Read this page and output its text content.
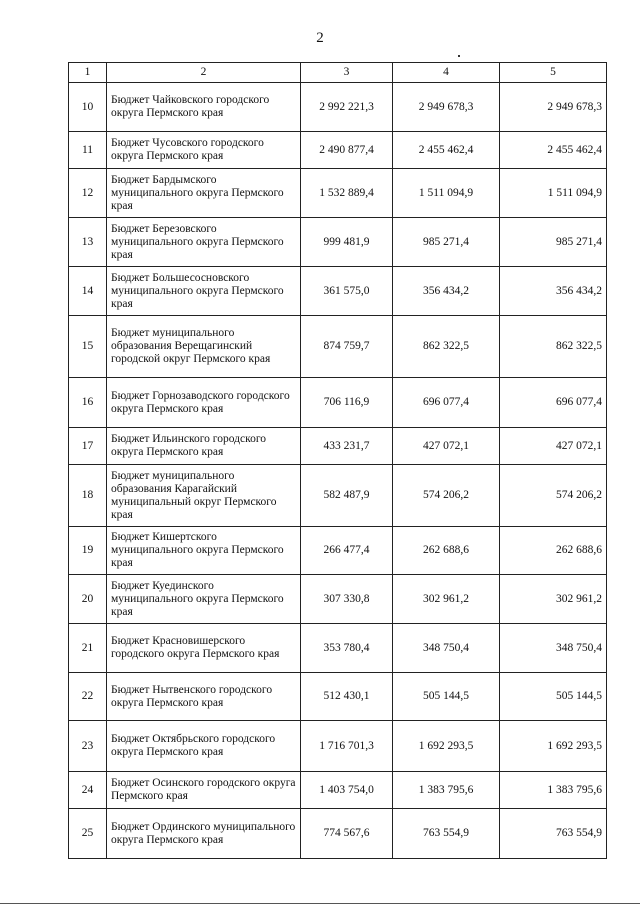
2
1	2	3	4	5
10	Бюджет Чайковского городского округа Пермского края	2 992 221,3	2 949 678,3	2 949 678,3
11	Бюджет Чусовского городского округа Пермского края	2 490 877,4	2 455 462,4	2 455 462,4
12	Бюджет Бардымского муниципального округа Пермского края	1 532 889,4	1 511 094,9	1 511 094,9
13	Бюджет Березовского муниципального округа Пермского края	999 481,9	985 271,4	985 271,4
14	Бюджет Большесосновского муниципального округа Пермского края	361 575,0	356 434,2	356 434,2
15	Бюджет муниципального образования Верещагинский городской округ Пермского края	874 759,7	862 322,5	862 322,5
16	Бюджет Горнозаводского городского округа Пермского края	706 116,9	696 077,4	696 077,4
17	Бюджет Ильинского городского округа Пермского края	433 231,7	427 072,1	427 072,1
18	Бюджет муниципального образования Карагайский муниципальный округ Пермского края	582 487,9	574 206,2	574 206,2
19	Бюджет Кишертского муниципального округа Пермского края	266 477,4	262 688,6	262 688,6
20	Бюджет Куединского муниципального округа Пермского края	307 330,8	302 961,2	302 961,2
21	Бюджет Красновишерского городского округа Пермского края	353 780,4	348 750,4	348 750,4
22	Бюджет Нытвенского городского округа Пермского края	512 430,1	505 144,5	505 144,5
23	Бюджет Октябрьского городского округа Пермского края	1 716 701,3	1 692 293,5	1 692 293,5
24	Бюджет Осинского городского округа Пермского края	1 403 754,0	1 383 795,6	1 383 795,6
25	Бюджет Ординского муниципального округа Пермского края	774 567,6	763 554,9	763 554,9
